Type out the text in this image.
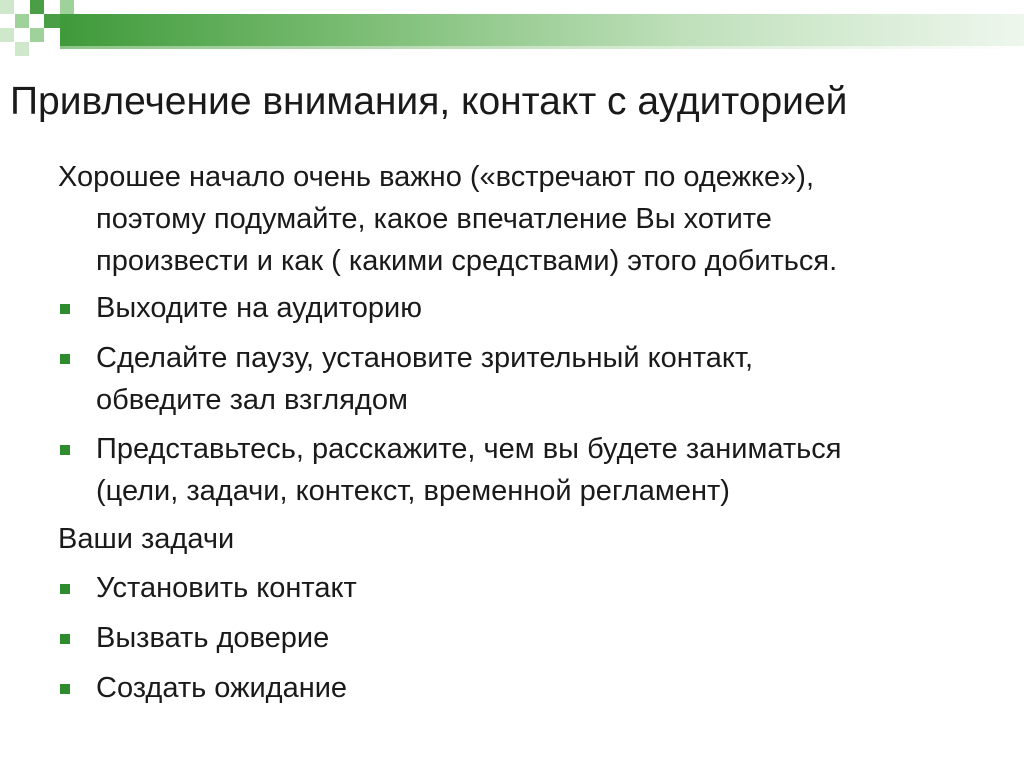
Привлечение внимания, контакт с аудиторией
Хорошее начало очень важно («встречают по одежке»),
поэтому подумайте, какое впечатление Вы хотите
произвести и как ( какими средствами) этого добиться.
Выходите на аудиторию
Сделайте паузу, установите зрительный контакт,
обведите зал взглядом
Представьтесь, расскажите, чем вы будете заниматься
(цели, задачи, контекст, временной регламент)
Ваши задачи
Установить контакт
Вызвать доверие
Создать ожидание
